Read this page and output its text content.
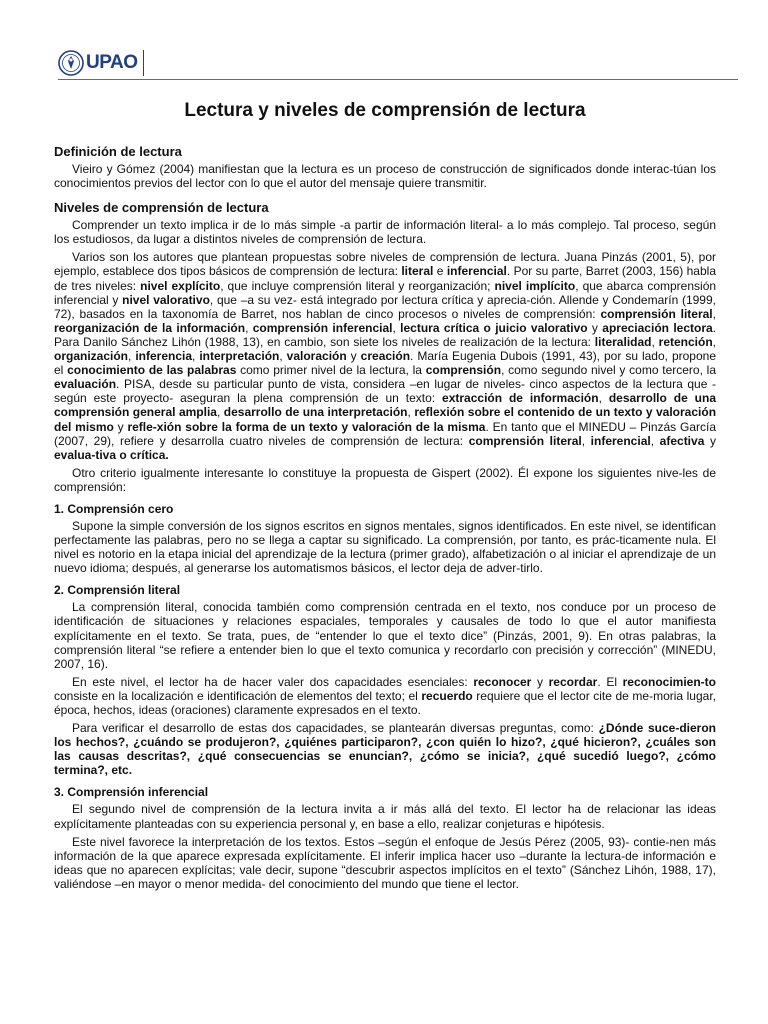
UPAO
Lectura y niveles de comprensión de lectura
Definición de lectura

Vieiro y Gómez (2004) manifiestan que la lectura es un proceso de construcción de significados donde interac-túan los conocimientos previos del lector con lo que el autor del mensaje quiere transmitir.

Niveles de comprensión de lectura

Comprender un texto implica ir de lo más simple -a partir de información literal- a lo más complejo. Tal proceso, según los estudiosos, da lugar a distintos niveles de comprensión de lectura.

Varios son los autores que plantean propuestas sobre niveles de comprensión de lectura. Juana Pinzás (2001, 5), por ejemplo, establece dos tipos básicos de comprensión de lectura: literal e inferencial. Por su parte, Barret (2003, 156) habla de tres niveles: nivel explícito, que incluye comprensión literal y reorganización; nivel implícito, que abarca comprensión inferencial y nivel valorativo, que –a su vez- está integrado por lectura crítica y aprecia-ción. Allende y Condemarín (1999, 72), basados en la taxonomía de Barret, nos hablan de cinco procesos o niveles de comprensión: comprensión literal, reorganización de la información, comprensión inferencial, lectura crítica o juicio valorativo y apreciación lectora. Para Danilo Sánchez Lihón (1988, 13), en cambio, son siete los niveles de realización de la lectura: literalidad, retención, organización, inferencia, interpretación, valoración y creación. María Eugenia Dubois (1991, 43), por su lado, propone el conocimiento de las palabras como primer nivel de la lectura, la comprensión, como segundo nivel y como tercero, la evaluación. PISA, desde su particular punto de vista, considera –en lugar de niveles- cinco aspectos de la lectura que -según este proyecto- aseguran la plena comprensión de un texto: extracción de información, desarrollo de una comprensión general amplia, desarrollo de una interpretación, reflexión sobre el contenido de un texto y valoración del mismo y refle-xión sobre la forma de un texto y valoración de la misma. En tanto que el MINEDU – Pinzás García (2007, 29), refiere y desarrolla cuatro niveles de comprensión de lectura: comprensión literal, inferencial, afectiva y evalua-tiva o crítica.

Otro criterio igualmente interesante lo constituye la propuesta de Gispert (2002). Él expone los siguientes nive-les de comprensión:

1. Comprensión cero

Supone la simple conversión de los signos escritos en signos mentales, signos identificados. En este nivel, se identifican perfectamente las palabras, pero no se llega a captar su significado. La comprensión, por tanto, es prác-ticamente nula. El nivel es notorio en la etapa inicial del aprendizaje de la lectura (primer grado), alfabetización o al iniciar el aprendizaje de un nuevo idioma; después, al generarse los automatismos básicos, el lector deja de adver-tirlo.

2. Comprensión literal

La comprensión literal, conocida también como comprensión centrada en el texto, nos conduce por un proceso de identificación de situaciones y relaciones espaciales, temporales y causales de todo lo que el autor manifiesta explícitamente en el texto. Se trata, pues, de “entender lo que el texto dice” (Pinzás, 2001, 9). En otras palabras, la comprensión literal “se refiere a entender bien lo que el texto comunica y recordarlo con precisión y corrección” (MINEDU, 2007, 16).

En este nivel, el lector ha de hacer valer dos capacidades esenciales: reconocer y recordar. El reconocimien-to consiste en la localización e identificación de elementos del texto; el recuerdo requiere que el lector cite de me-moria lugar, época, hechos, ideas (oraciones) claramente expresados en el texto.

Para verificar el desarrollo de estas dos capacidades, se plantearán diversas preguntas, como: ¿Dónde suce-dieron los hechos?, ¿cuándo se produjeron?, ¿quiénes participaron?, ¿con quién lo hizo?, ¿qué hicieron?, ¿cuáles son las causas descritas?, ¿qué consecuencias se enuncian?, ¿cómo se inicia?, ¿qué sucedió luego?, ¿cómo termina?, etc.

3. Comprensión inferencial

El segundo nivel de comprensión de la lectura invita a ir más allá del texto. El lector ha de relacionar las ideas explícitamente planteadas con su experiencia personal y, en base a ello, realizar conjeturas e hipótesis.

Este nivel favorece la interpretación de los textos. Estos –según el enfoque de Jesús Pérez (2005, 93)- contie-nen más información de la que aparece expresada explícitamente. El inferir implica hacer uso –durante la lectura-de información e ideas que no aparecen explícitas; vale decir, supone “descubrir aspectos implícitos en el texto” (Sánchez Lihón, 1988, 17), valiéndose –en mayor o menor medida- del conocimiento del mundo que tiene el lector.
